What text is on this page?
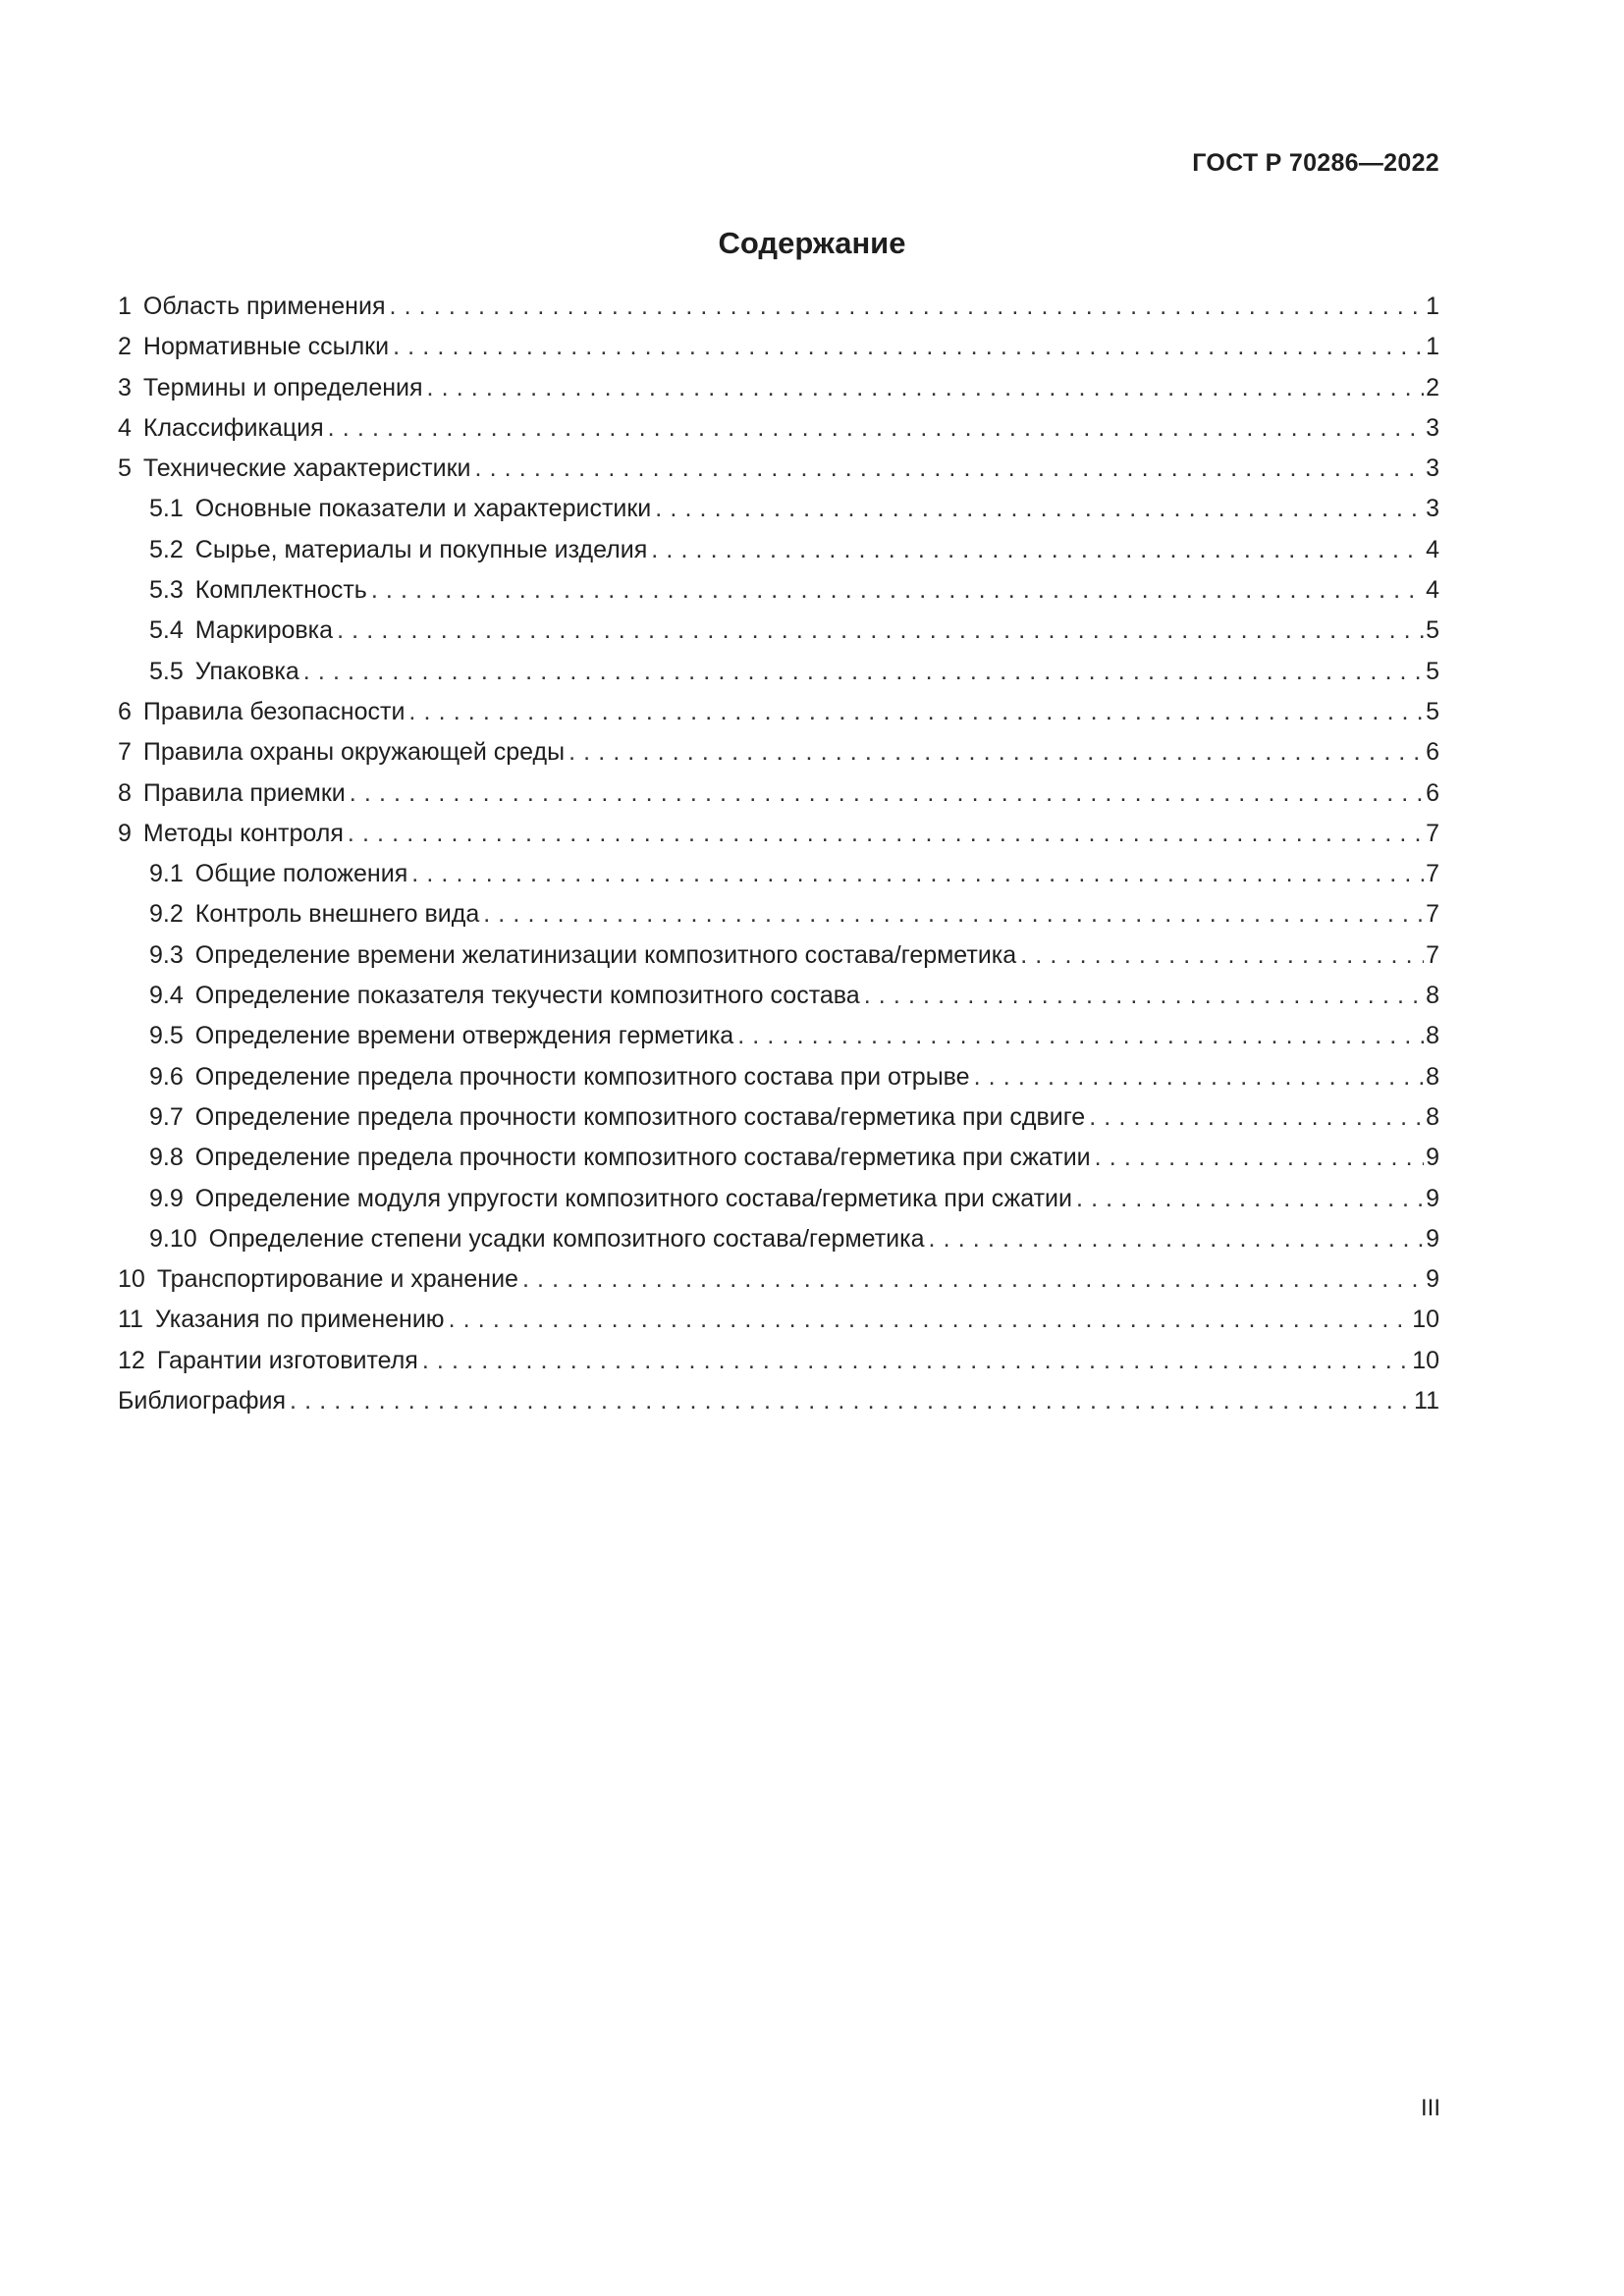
ГОСТ Р 70286—2022
Содержание
1 Область применения . . .	1
2 Нормативные ссылки . . .	1
3 Термины и определения . . .	2
4 Классификация . . .	3
5 Технические характеристики . . .	3
5.1 Основные показатели и характеристики . . .	3
5.2 Сырье, материалы и покупные изделия . . .	4
5.3 Комплектность . . .	4
5.4 Маркировка . . .	5
5.5 Упаковка . . .	5
6 Правила безопасности . . .	5
7 Правила охраны окружающей среды . . .	6
8 Правила приемки . . .	6
9 Методы контроля . . .	7
9.1 Общие положения . . .	7
9.2 Контроль внешнего вида . . .	7
9.3 Определение времени желатинизации композитного состава/герметика . . .	7
9.4 Определение показателя текучести композитного состава . . .	8
9.5 Определение времени отверждения герметика . . .	8
9.6 Определение предела прочности композитного состава при отрыве . . .	8
9.7 Определение предела прочности композитного состава/герметика при сдвиге . . .	8
9.8 Определение предела прочности композитного состава/герметика при сжатии . . .	9
9.9 Определение модуля упругости композитного состава/герметика при сжатии . . .	9
9.10 Определение степени усадки композитного состава/герметика . . .	9
10 Транспортирование и хранение . . .	9
11 Указания по применению . . .	10
12 Гарантии изготовителя . . .	10
Библиография . . .	11
III
